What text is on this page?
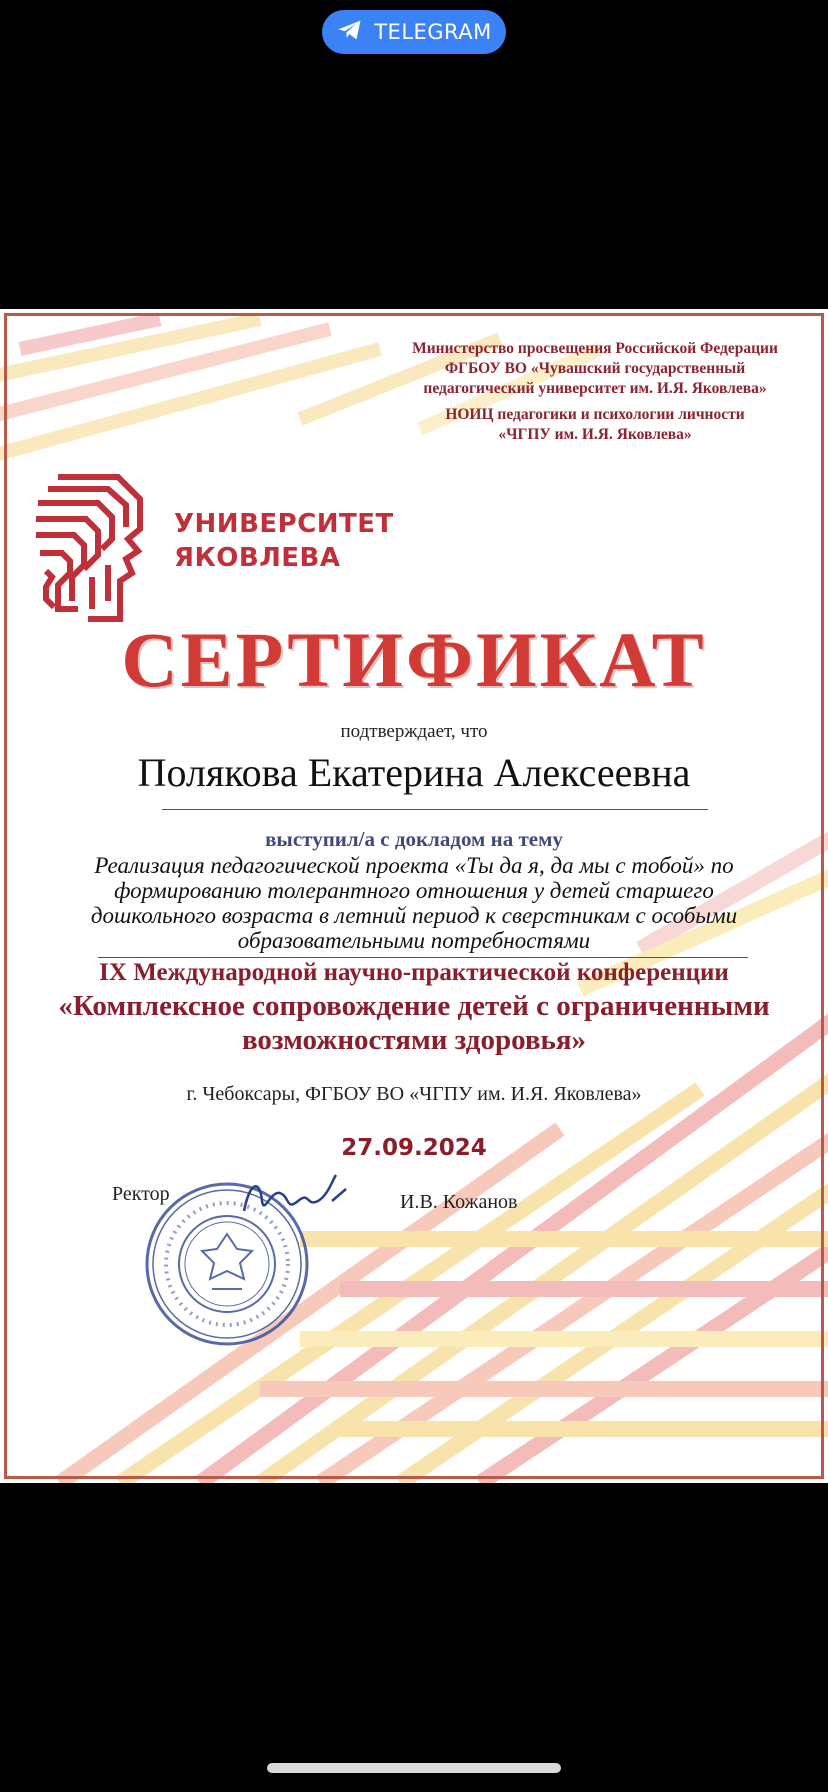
TELEGRAM
Министерство просвещения Российской Федерации
ФГБОУ ВО «Чувашский государственный
педагогический университет им. И.Я. Яковлева»
НОИЦ педагогики и психологии личности
«ЧГПУ им. И.Я. Яковлева»
УНИВЕРСИТЕТ
ЯКОВЛЕВА
СЕРТИФИКАТ
подтверждает, что
Полякова Екатерина Алексеевна
выступил/а с докладом на тему
Реализация педагогической проекта «Ты да я, да мы с тобой» по формированию толерантного отношения у детей старшего дошкольного возраста в летний период к сверстникам с особыми образовательными потребностями
IX Международной научно-практической конференции
«Комплексное сопровождение детей с ограниченными возможностями здоровья»
г. Чебоксары, ФГБОУ ВО «ЧГПУ им. И.Я. Яковлева»
27.09.2024
Ректор	И.В. Кожанов
